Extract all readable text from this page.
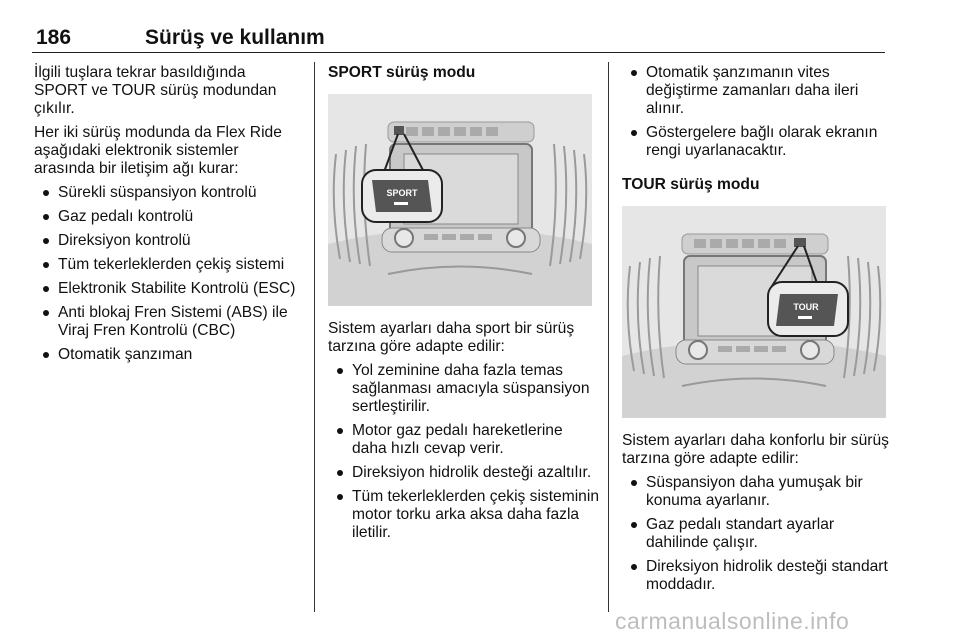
186	Sürüş ve kullanım

İlgili tuşlara tekrar basıldığında SPORT ve TOUR sürüş modundan çıkılır.

Her iki sürüş modunda da Flex Ride aşağıdaki elektronik sistemler arasında bir iletişim ağı kurar:

Sürekli süspansiyon kontrolü
Gaz pedalı kontrolü
Direksiyon kontrolü
Tüm tekerleklerden çekiş sistemi
Elektronik Stabilite Kontrolü (ESC)
Anti blokaj Fren Sistemi (ABS) ile Viraj Fren Kontrolü (CBC)
Otomatik şanzıman
SPORT sürüş modu
SPORT

Sistem ayarları daha sport bir sürüş tarzına göre adapte edilir:

Yol zeminine daha fazla temas sağlanması amacıyla süspansiyon sertleştirilir.
Motor gaz pedalı hareketlerine daha hızlı cevap verir.
Direksiyon hidrolik desteği azaltılır.
Tüm tekerleklerden çekiş sisteminin motor torku arka aksa daha fazla iletilir.
Otomatik şanzımanın vites değiştirme zamanları daha ileri alınır.
Göstergelere bağlı olarak ekranın rengi uyarlanacaktır.
TOUR sürüş modu
TOUR

Sistem ayarları daha konforlu bir sürüş tarzına göre adapte edilir:

Süspansiyon daha yumuşak bir konuma ayarlanır.
Gaz pedalı standart ayarlar dahilinde çalışır.
Direksiyon hidrolik desteği standart moddadır.
carmanualsonline.info
